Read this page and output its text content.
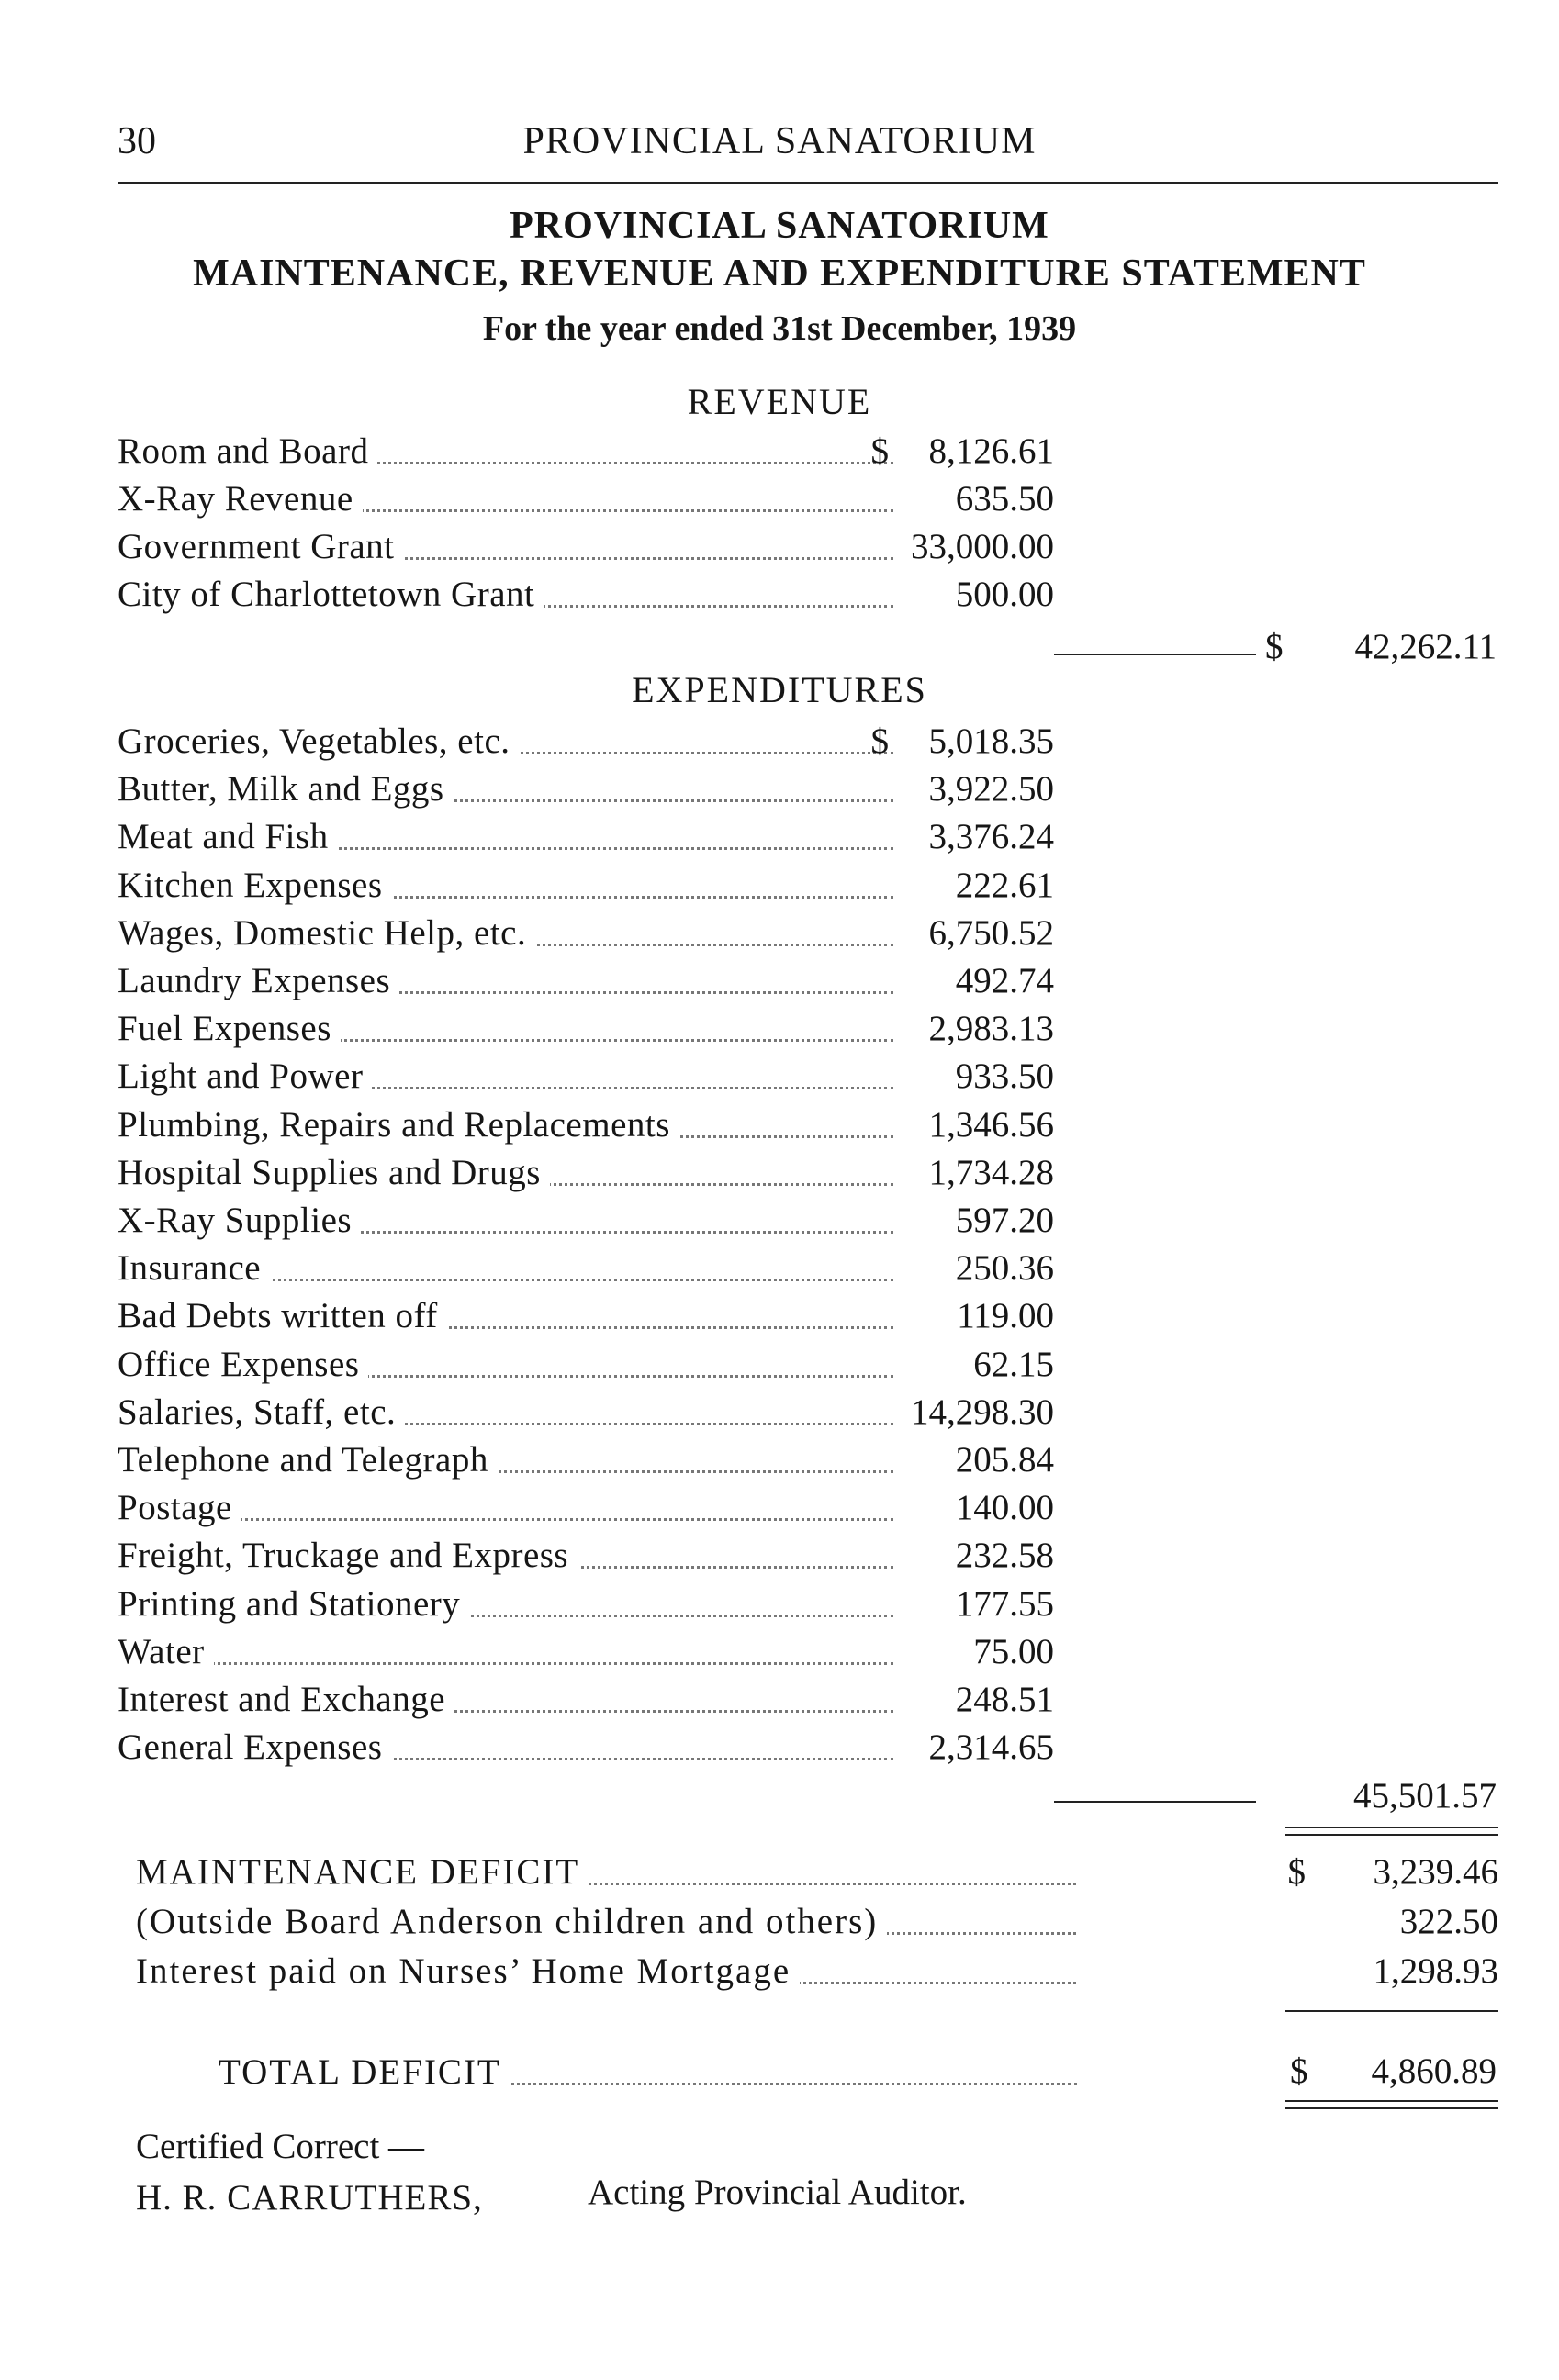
30	PROVINCIAL SANATORIUM
PROVINCIAL SANATORIUM
MAINTENANCE, REVENUE AND EXPENDITURE STATEMENT
For the year ended 31st December, 1939
REVENUE
Room and Board	$	8,126.61
X-Ray Revenue	635.50
Government Grant	33,000.00
City of Charlottetown Grant	500.00
$	42,262.11
EXPENDITURES
Groceries, Vegetables, etc.	$	5,018.35
Butter, Milk and Eggs	3,922.50
Meat and Fish	3,376.24
Kitchen Expenses	222.61
Wages, Domestic Help, etc.	6,750.52
Laundry Expenses	492.74
Fuel Expenses	2,983.13
Light and Power	933.50
Plumbing, Repairs and Replacements	1,346.56
Hospital Supplies and Drugs	1,734.28
X-Ray Supplies	597.20
Insurance	250.36
Bad Debts written off	119.00
Office Expenses	62.15
Salaries, Staff, etc.	14,298.30
Telephone and Telegraph	205.84
Postage	140.00
Freight, Truckage and Express	232.58
Printing and Stationery	177.55
Water	75.00
Interest and Exchange	248.51
General Expenses	2,314.65
45,501.57
MAINTENANCE DEFICIT	$	3,239.46
(Outside Board Anderson children and others)	322.50
Interest paid on Nurses’ Home Mortgage	1,298.93
TOTAL DEFICIT	$	4,860.89
Certified Correct —
H. R. CARRUTHERS,	Acting Provincial Auditor.
